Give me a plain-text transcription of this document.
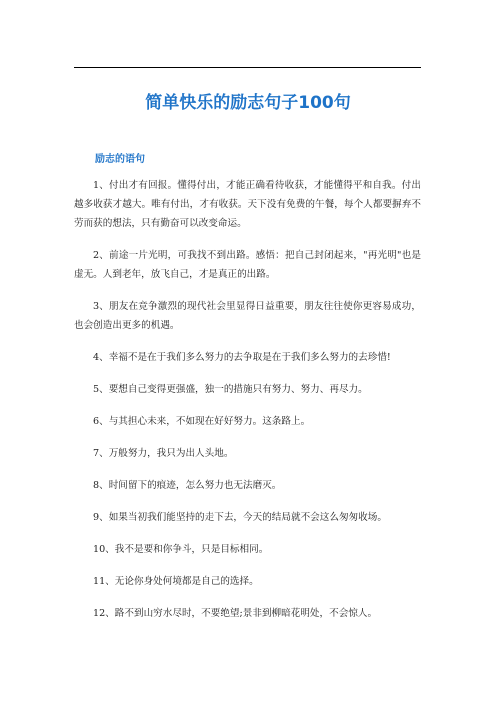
简单快乐的励志句子100句
励志的语句

1、付出才有回报。懂得付出，才能正确看待收获，才能懂得平和自我。付出越多收获才越大。唯有付出，才有收获。天下没有免费的午餐，每个人都要摒弃不劳而获的想法，只有勤奋可以改变命运。

2、前途一片光明，可我找不到出路。感悟：把自己封闭起来，"再光明"也是虚无。人到老年，放飞自己，才是真正的出路。

3、朋友在竞争激烈的现代社会里显得日益重要，朋友往往使你更容易成功，也会创造出更多的机遇。

4、幸福不是在于我们多么努力的去争取是在于我们多么努力的去珍惜!

5、要想自己变得更强盛，独一的措施只有努力、努力、再尽力。

6、与其担心未来，不如现在好好努力。这条路上。

7、万般努力，我只为出人头地。

8、时间留下的痕迹，怎么努力也无法磨灭。

9、如果当初我们能坚持的走下去，今天的结局就不会这么匆匆收场。

10、我不是要和你争斗，只是目标相同。

11、无论你身处何境都是自己的选择。

12、路不到山穷水尽时，不要绝望;景非到柳暗花明处，不会惊人。
